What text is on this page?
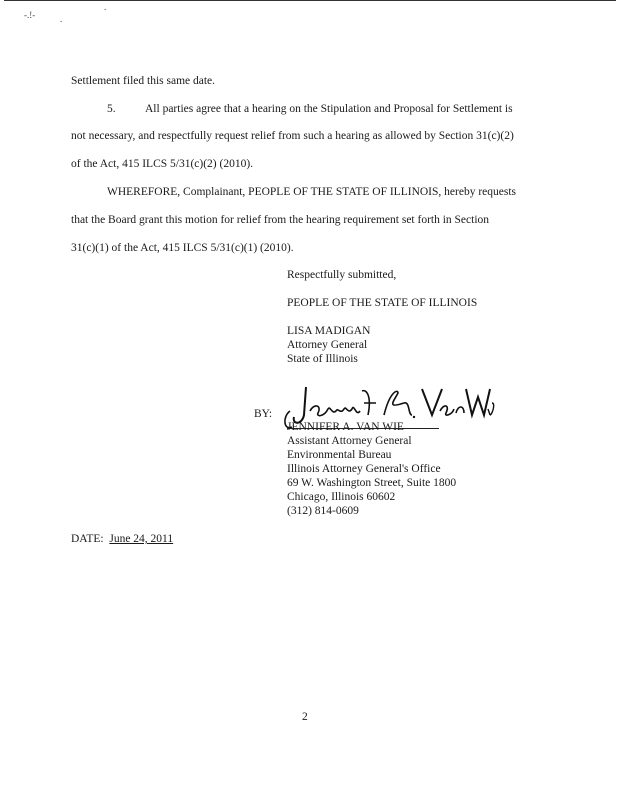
-.!-	.
.
Settlement filed this same date.
5.	All parties agree that a hearing on the Stipulation and Proposal for Settlement is
not necessary, and respectfully request relief from such a hearing as allowed by Section 31(c)(2)
of the Act, 415 ILCS 5/31(c)(2) (2010).
WHEREFORE, Complainant, PEOPLE OF THE STATE OF ILLINOIS, hereby requests
that the Board grant this motion for relief from the hearing requirement set forth in Section
31(c)(1) of the Act, 415 ILCS 5/31(c)(1) (2010).
Respectfully submitted,
PEOPLE OF THE STATE OF ILLINOIS
LISA MADIGAN
Attorney General
State of Illinois
BY:
Jennifer A. Van Wie
JENNIFER A. VAN WIE
Assistant Attorney General
Environmental Bureau
Illinois Attorney General's Office
69 W. Washington Street, Suite 1800
Chicago, Illinois 60602
(312) 814-0609
DATE: June 24, 2011
2
